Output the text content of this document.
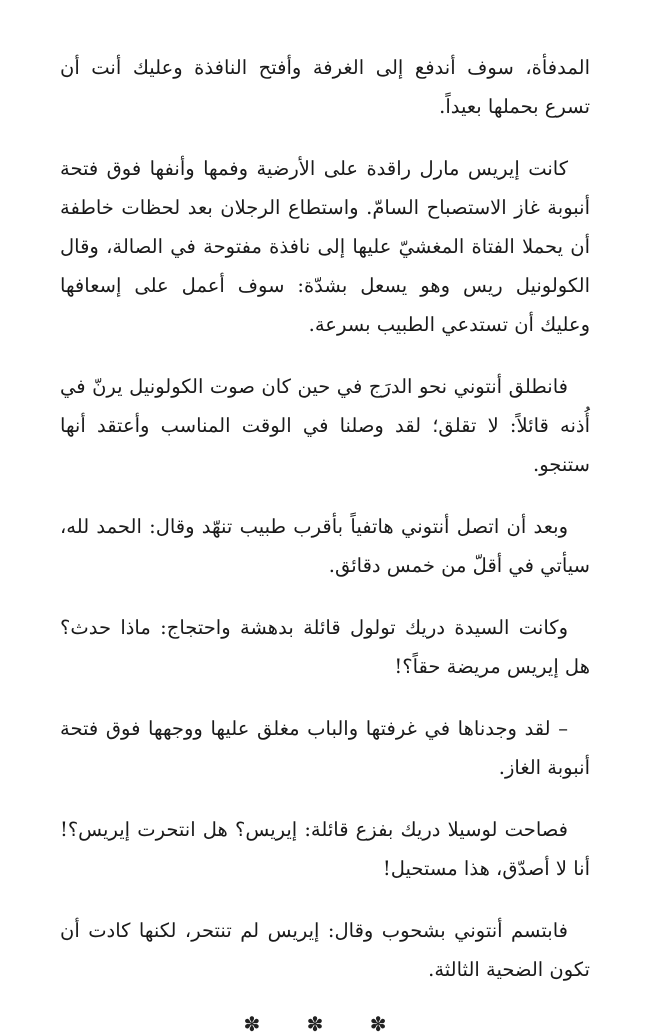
المدفأة، سوف أندفع إلى الغرفة وأفتح النافذة وعليك أنت أن تسرع بحملها بعيداً.

كانت إيريس مارل راقدة على الأرضية وفمها وأنفها فوق فتحة أنبوبة غاز الاستصباح السامّ. واستطاع الرجلان بعد لحظات خاطفة أن يحملا الفتاة المغشيّ عليها إلى نافذة مفتوحة في الصالة، وقال الكولونيل ريس وهو يسعل بشدّة: سوف أعمل على إسعافها وعليك أن تستدعي الطبيب بسرعة.

فانطلق أنتوني نحو الدرَج في حين كان صوت الكولونيل يرنّ في أُذنه قائلاً: لا تقلق؛ لقد وصلنا في الوقت المناسب وأعتقد أنها ستنجو.

وبعد أن اتصل أنتوني هاتفياً بأقرب طبيب تنهّد وقال: الحمد لله، سيأتي في أقلّ من خمس دقائق.

وكانت السيدة دريك تولول قائلة بدهشة واحتجاج: ماذا حدث؟ هل إيريس مريضة حقاً؟!

– لقد وجدناها في غرفتها والباب مغلق عليها ووجهها فوق فتحة أنبوبة الغاز.

فصاحت لوسيلا دريك بفزع قائلة: إيريس؟ هل انتحرت إيريس؟! أنا لا أصدّق، هذا مستحيل!

فابتسم أنتوني بشحوب وقال: إيريس لم تنتحر، لكنها كادت أن تكون الضحية الثالثة.

✽ ✽ ✽
